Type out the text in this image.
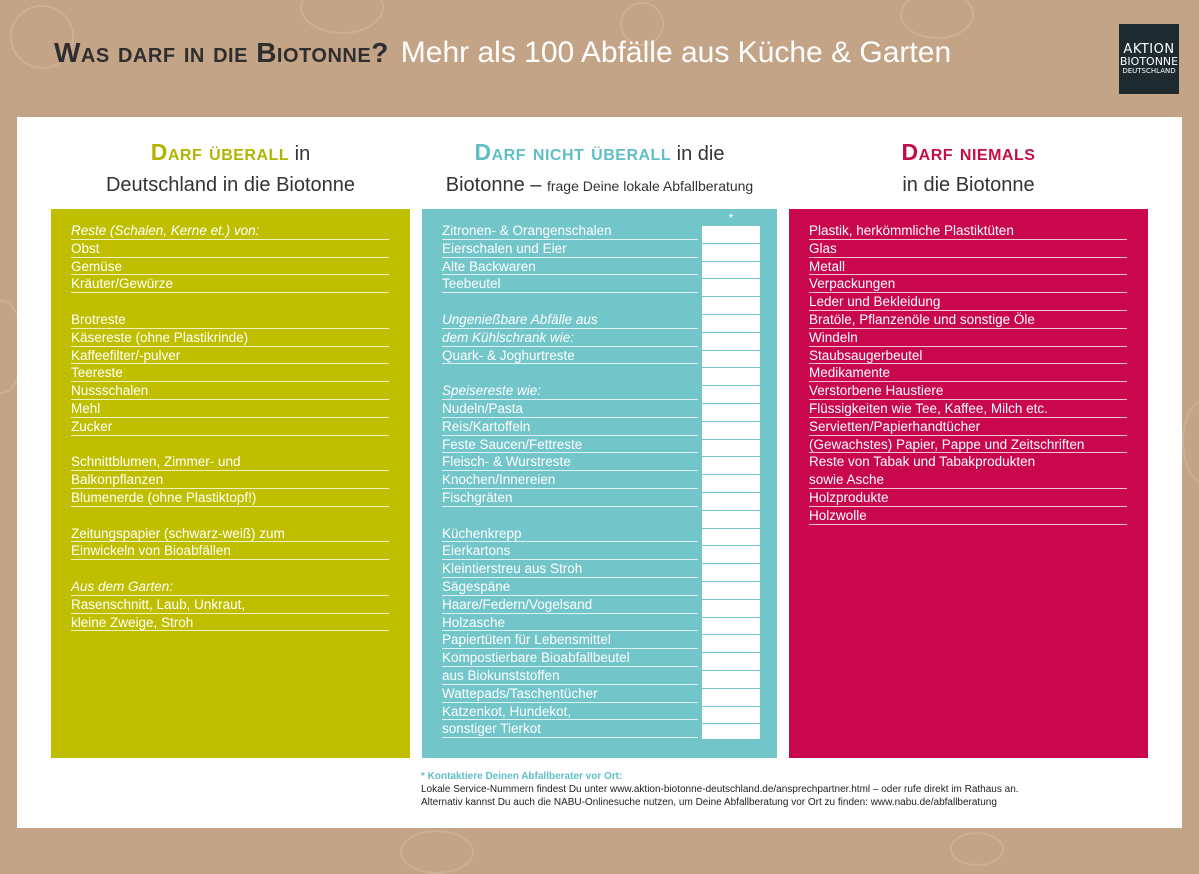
Was darf in die Biotonne? Mehr als 100 Abfälle aus Küche & Garten	AKTION
BIOTONNE
DEUTSCHLAND
Darf überall in
Deutschland in die Biotonne
Darf nicht überall in die
Biotonne – frage Deine lokale Abfallberatung
Darf niemals
in die Biotonne
Reste (Schalen, Kerne et.) von:
Obst
Gemüse
Kräuter/Gewürze
Brotreste
Käsereste (ohne Plastikrinde)
Kaffeefilter/-pulver
Teereste
Nussschalen
Mehl
Zucker
Schnittblumen, Zimmer- und
Balkonpflanzen
Blumenerde (ohne Plastiktopf!)
Zeitungspapier (schwarz-weiß) zum
Einwickeln von Bioabfällen
Aus dem Garten:
Rasenschnitt, Laub, Unkraut,
kleine Zweige, Stroh
*
Zitronen- & Orangenschalen
Eierschalen und Eier
Alte Backwaren
Teebeutel
Ungenießbare Abfälle aus
dem Kühlschrank wie:
Quark- & Joghurtreste
Speisereste wie:
Nudeln/Pasta
Reis/Kartoffeln
Feste Saucen/Fettreste
Fleisch- & Wurstreste
Knochen/Innereien
Fischgräten
Küchenkrepp
Eierkartons
Kleintierstreu aus Stroh
Sägespäne
Haare/Federn/Vogelsand
Holzasche
Papiertüten für Lebensmittel
Kompostierbare Bioabfallbeutel
aus Biokunststoffen
Wattepads/Taschentücher
Katzenkot, Hundekot,
sonstiger Tierkot
Plastik, herkömmliche Plastiktüten
Glas
Metall
Verpackungen
Leder und Bekleidung
Bratöle, Pflanzenöle und sonstige Öle
Windeln
Staubsaugerbeutel
Medikamente
Verstorbene Haustiere
Flüssigkeiten wie Tee, Kaffee, Milch etc.
Servietten/Papierhandtücher
(Gewachstes) Papier, Pappe und Zeitschriften
Reste von Tabak und Tabakprodukten
sowie Asche
Holzprodukte
Holzwolle
* Kontaktiere Deinen Abfallberater vor Ort:
Lokale Service-Nummern findest Du unter www.aktion-biotonne-deutschland.de/ansprechpartner.html – oder rufe direkt im Rathaus an.
Alternativ kannst Du auch die NABU-Onlinesuche nutzen, um Deine Abfallberatung vor Ort zu finden: www.nabu.de/abfallberatung
